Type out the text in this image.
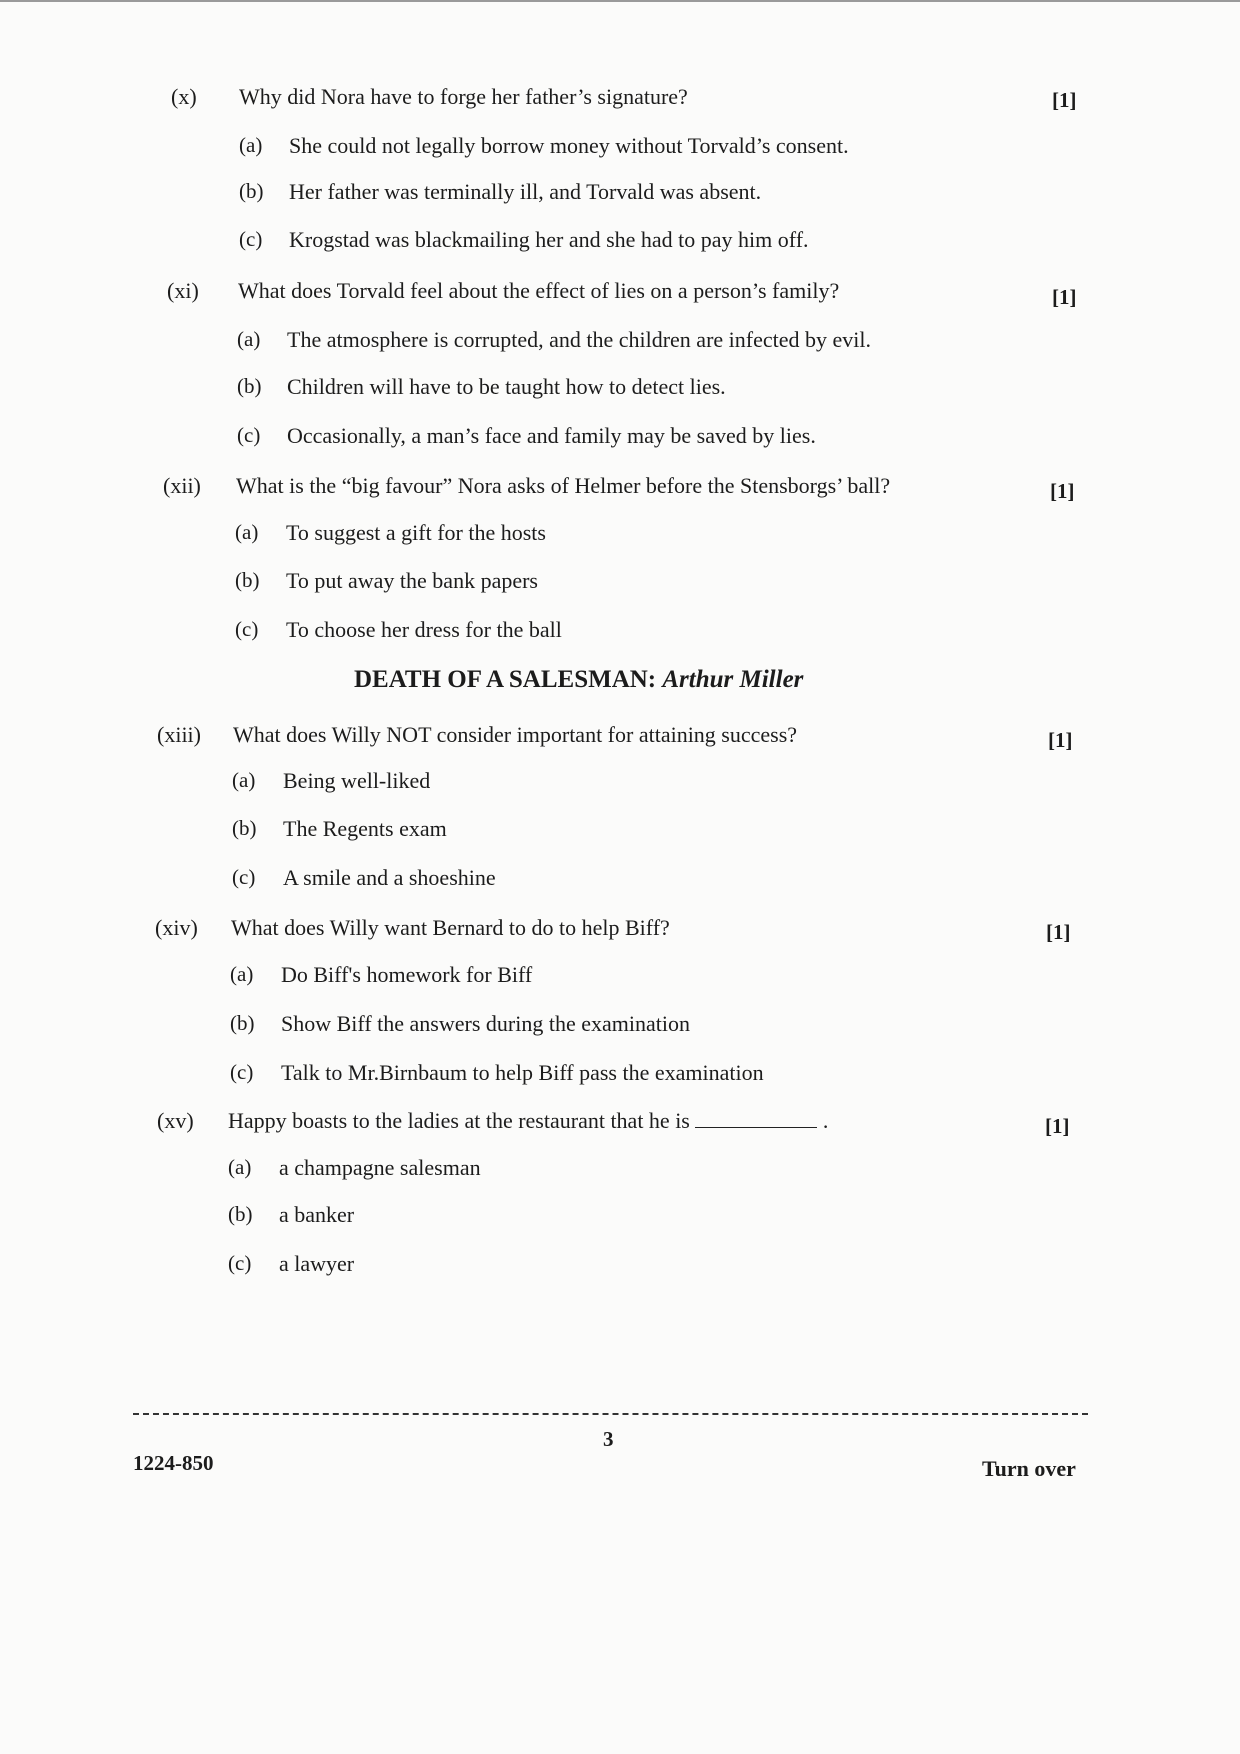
(x) Why did Nora have to forge her father’s signature?	[1]
(a) She could not legally borrow money without Torvald’s consent.
(b) Her father was terminally ill, and Torvald was absent.
(c) Krogstad was blackmailing her and she had to pay him off.
(xi) What does Torvald feel about the effect of lies on a person’s family?	[1]
(a) The atmosphere is corrupted, and the children are infected by evil.
(b) Children will have to be taught how to detect lies.
(c) Occasionally, a man’s face and family may be saved by lies.
(xii) What is the “big favour” Nora asks of Helmer before the Stensborgs’ ball?	[1]
(a) To suggest a gift for the hosts
(b) To put away the bank papers
(c) To choose her dress for the ball
DEATH OF A SALESMAN: Arthur Miller
(xiii) What does Willy NOT consider important for attaining success?	[1]
(a) Being well-liked
(b) The Regents exam
(c) A smile and a shoeshine
(xiv) What does Willy want Bernard to do to help Biff?	[1]
(a) Do Biff's homework for Biff
(b) Show Biff the answers during the examination
(c) Talk to Mr.Birnbaum to help Biff pass the examination
(xv) Happy boasts to the ladies at the restaurant that he is	.	[1]
(a) a champagne salesman
(b) a banker
(c) a lawyer
3
1224-850	Turn over
